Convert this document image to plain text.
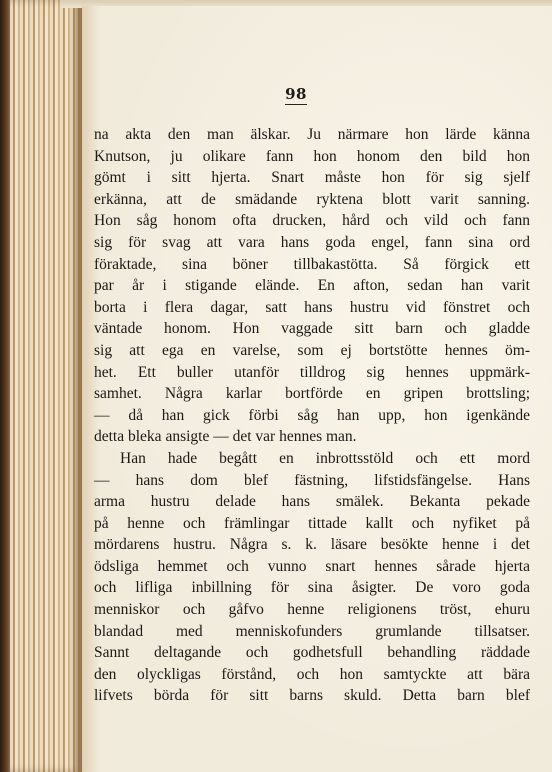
98
na akta den man älskar. Ju närmare hon lärde känna
Knutson, ju olikare fann hon honom den bild hon
gömt i sitt hjerta. Snart måste hon för sig sjelf
erkänna, att de smädande ryktena blott varit sanning.
Hon såg honom ofta drucken, hård och vild och fann
sig för svag att vara hans goda engel, fann sina ord
föraktade, sina böner tillbakastötta. Så förgick ett
par år i stigande elände. En afton, sedan han varit
borta i flera dagar, satt hans hustru vid fönstret och
väntade honom. Hon vaggade sitt barn och gladde
sig att ega en varelse, som ej bortstötte hennes öm-
het. Ett buller utanför tilldrog sig hennes uppmärk-
samhet. Några karlar bortförde en gripen brottsling;
— då han gick förbi såg han upp, hon igenkände
detta bleka ansigte — det var hennes man.
Han hade begått en inbrottsstöld och ett mord
— hans dom blef fästning, lifstidsfängelse. Hans
arma hustru delade hans smälek. Bekanta pekade
på henne och främlingar tittade kallt och nyfiket på
mördarens hustru. Några s. k. läsare besökte henne i det
ödsliga hemmet och vunno snart hennes sårade hjerta
och lifliga inbillning för sina åsigter. De voro goda
menniskor och gåfvo henne religionens tröst, ehuru
blandad med menniskofunders grumlande tillsatser.
Sannt deltagande och godhetsfull behandling räddade
den olyckligas förstånd, och hon samtyckte att bära
lifvets börda för sitt barns skuld. Detta barn blef
